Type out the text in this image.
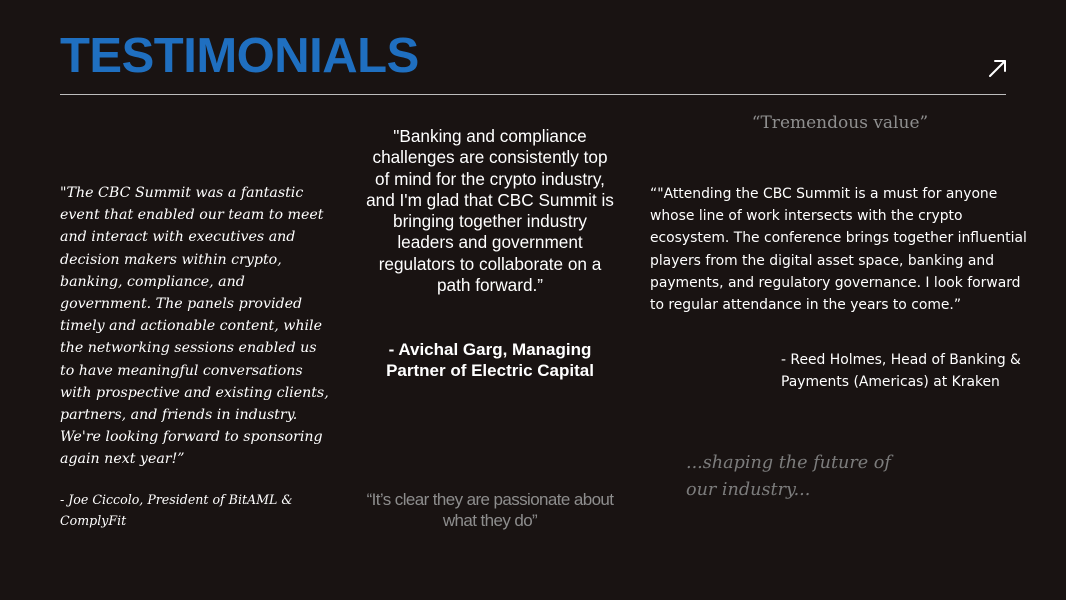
TESTIMONIALS

"The CBC Summit was a fantastic event that enabled our team to meet and interact with executives and decision makers within crypto, banking, compliance, and government. The panels provided timely and actionable content, while the networking sessions enabled us to have meaningful conversations with prospective and existing clients, partners, and friends in industry. We're looking forward to sponsoring again next year!”

- Joe Ciccolo, President of BitAML & ComplyFit

"Banking and compliance challenges are consistently top of mind for the crypto industry, and I'm glad that CBC Summit is bringing together industry leaders and government regulators to collaborate on a path forward.”

- Avichal Garg, Managing Partner of Electric Capital

“It’s clear they are passionate about what they do”

“Tremendous value”

“"Attending the CBC Summit is a must for anyone whose line of work intersects with the crypto ecosystem. The conference brings together influential players from the digital asset space, banking and payments, and regulatory governance. I look forward to regular attendance in the years to come.”

- Reed Holmes, Head of Banking & Payments (Americas) at Kraken

...shaping the future of our industry...
